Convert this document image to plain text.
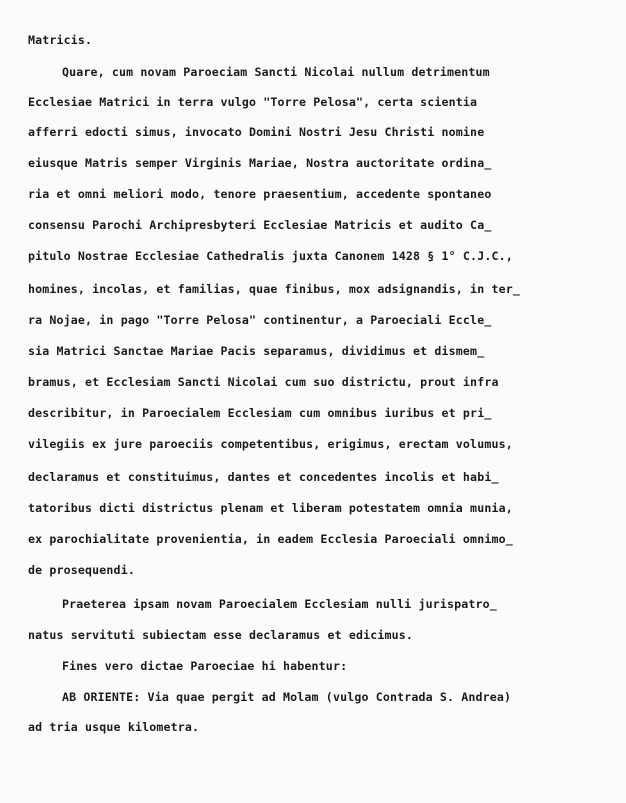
Matricis.
Quare, cum novam Paroeciam Sancti Nicolai nullum detrimentum
Ecclesiae Matrici in terra vulgo "Torre Pelosa", certa scientia
afferri edocti simus, invocato Domini Nostri Jesu Christi nomine
eiusque Matris semper Virginis Mariae, Nostra auctoritate ordina_
ria et omni meliori modo, tenore praesentium, accedente spontaneo
consensu Parochi Archipresbyteri Ecclesiae Matricis et audito Ca_
pitulo Nostrae Ecclesiae Cathedralis juxta Canonem 1428 § 1° C.J.C.,
homines, incolas, et familias, quae finibus, mox adsignandis, in ter_
ra Nojae, in pago "Torre Pelosa" continentur, a Paroeciali Eccle_
sia Matrici Sanctae Mariae Pacis separamus, dividimus et dismem_
bramus, et Ecclesiam Sancti Nicolai cum suo districtu, prout infra
describitur, in Paroecialem Ecclesiam cum omnibus iuribus et pri_
vilegiis ex jure paroeciis competentibus, erigimus, erectam volumus,
declaramus et constituimus, dantes et concedentes incolis et habi_
tatoribus dicti districtus plenam et liberam potestatem omnia munia,
ex parochialitate provenientia, in eadem Ecclesia Paroeciali omnimo_
de prosequendi.
Praeterea ipsam novam Paroecialem Ecclesiam nulli jurispatro_
natus servituti subiectam esse declaramus et edicimus.
Fines vero dictae Paroeciae hi habentur:
AB ORIENTE: Via quae pergit ad Molam (vulgo Contrada S. Andrea)
ad tria usque kilometra.
